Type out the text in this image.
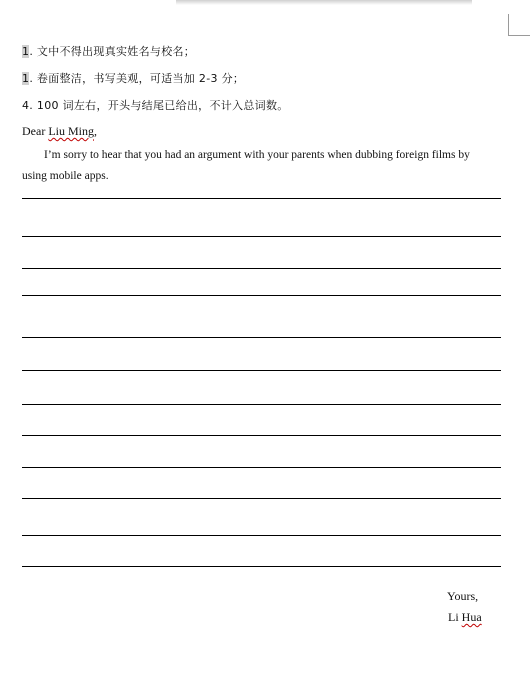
1. 文中不得出现真实姓名与校名；
1. 卷面整洁，书写美观，可适当加 2-3 分；
4. 100 词左右，开头与结尾已给出，不计入总词数。
Dear Liu Ming,
I’m sorry to hear that you had an argument with your parents when dubbing foreign films by using mobile apps.
Yours,
Li Hua
